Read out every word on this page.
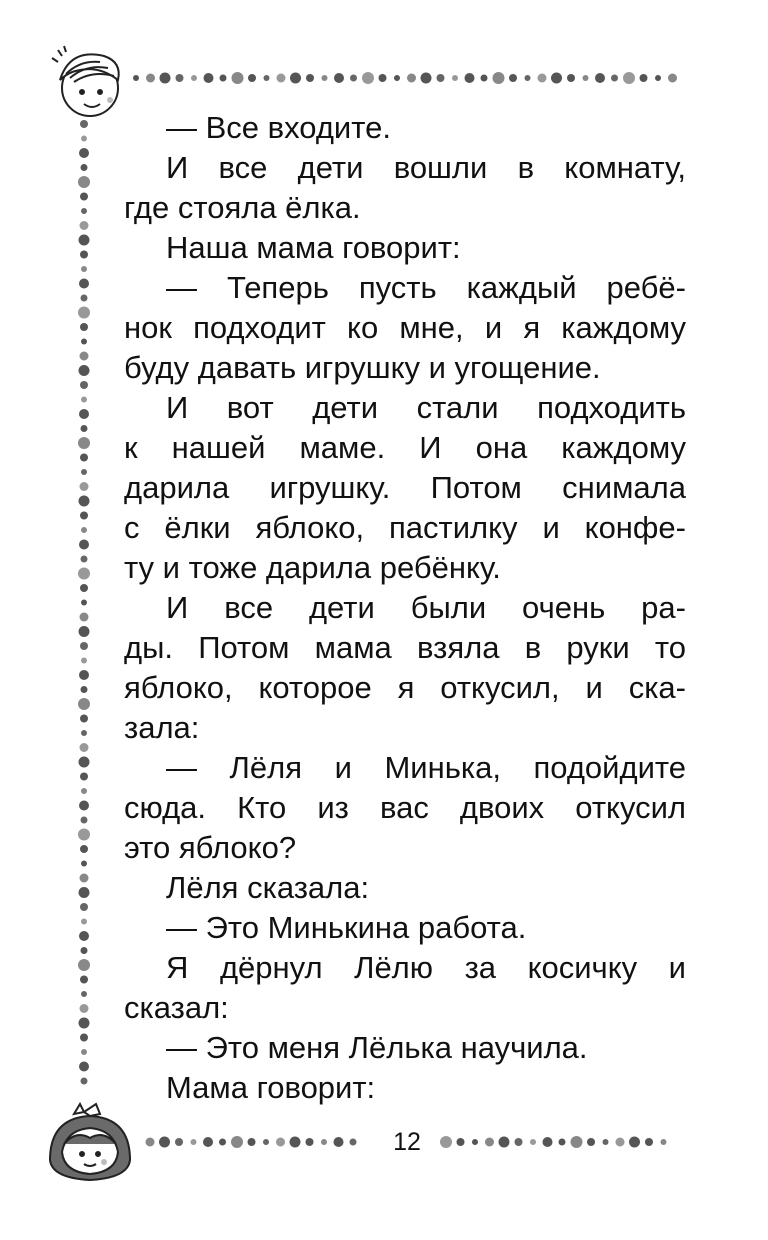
— Все входите.
И все дети вошли в комнату,
где стояла ёлка.
Наша мама говорит:
— Теперь пусть каждый ребё-
нок подходит ко мне, и я каждому
буду давать игрушку и угощение.
И вот дети стали подходить
к нашей маме. И она каждому
дарила игрушку. Потом снимала
с ёлки яблоко, пастилку и конфе-
ту и тоже дарила ребёнку.
И все дети были очень ра-
ды. Потом мама взяла в руки то
яблоко, которое я откусил, и ска-
зала:
— Лёля и Минька, подойдите
сюда. Кто из вас двоих откусил
это яблоко?
Лёля сказала:
— Это Минькина работа.
Я дёрнул Лёлю за косичку и
сказал:
— Это меня Лёлька научила.
Мама говорит:
12
